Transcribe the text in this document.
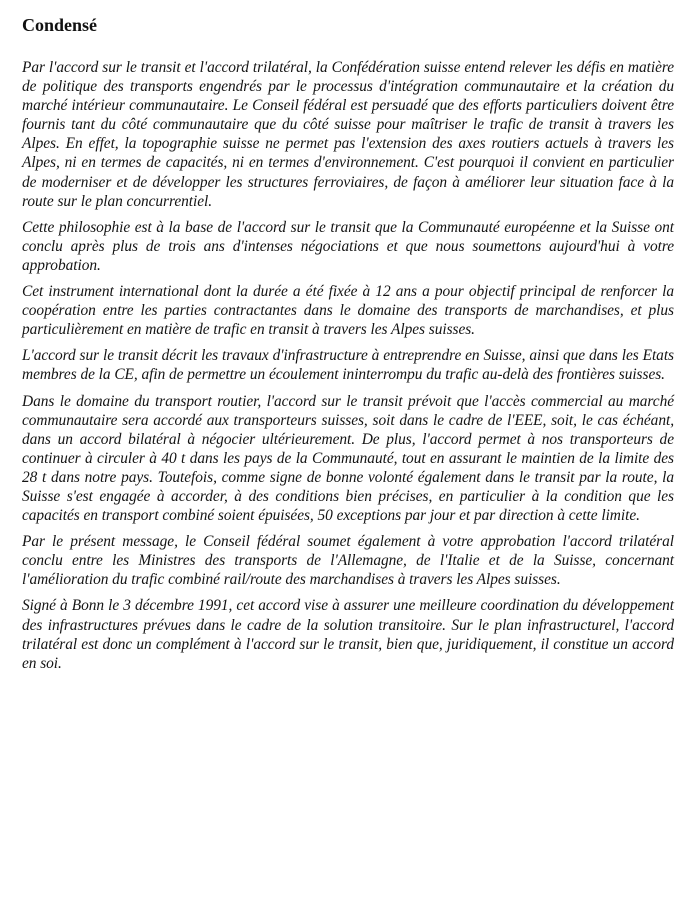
Condensé

Par l'accord sur le transit et l'accord trilatéral, la Confédération suisse entend relever les défis en matière de politique des transports engendrés par le processus d'intégration communautaire et la création du marché intérieur communautaire. Le Conseil fédéral est persuadé que des efforts particuliers doivent être fournis tant du côté communautaire que du côté suisse pour maîtriser le trafic de transit à travers les Alpes. En effet, la topographie suisse ne permet pas l'extension des axes routiers actuels à travers les Alpes, ni en termes de capacités, ni en termes d'environnement. C'est pourquoi il convient en particulier de moderniser et de développer les structures ferroviaires, de façon à améliorer leur situation face à la route sur le plan concurrentiel.

Cette philosophie est à la base de l'accord sur le transit que la Communauté européenne et la Suisse ont conclu après plus de trois ans d'intenses négociations et que nous soumettons aujourd'hui à votre approbation.

Cet instrument international dont la durée a été fixée à 12 ans a pour objectif principal de renforcer la coopération entre les parties contractantes dans le domaine des transports de marchandises, et plus particulièrement en matière de trafic en transit à travers les Alpes suisses.

L'accord sur le transit décrit les travaux d'infrastructure à entreprendre en Suisse, ainsi que dans les Etats membres de la CE, afin de permettre un écoulement ininterrompu du trafic au-delà des frontières suisses.

Dans le domaine du transport routier, l'accord sur le transit prévoit que l'accès commercial au marché communautaire sera accordé aux transporteurs suisses, soit dans le cadre de l'EEE, soit, le cas échéant, dans un accord bilatéral à négocier ultérieurement. De plus, l'accord permet à nos transporteurs de continuer à circuler à 40 t dans les pays de la Communauté, tout en assurant le maintien de la limite des 28 t dans notre pays. Toutefois, comme signe de bonne volonté également dans le transit par la route, la Suisse s'est engagée à accorder, à des conditions bien précises, en particulier à la condition que les capacités en transport combiné soient épuisées, 50 exceptions par jour et par direction à cette limite.

Par le présent message, le Conseil fédéral soumet également à votre approbation l'accord trilatéral conclu entre les Ministres des transports de l'Allemagne, de l'Italie et de la Suisse, concernant l'amélioration du trafic combiné rail/route des marchandises à travers les Alpes suisses.

Signé à Bonn le 3 décembre 1991, cet accord vise à assurer une meilleure coordination du développement des infrastructures prévues dans le cadre de la solution transitoire. Sur le plan infrastructurel, l'accord trilatéral est donc un complément à l'accord sur le transit, bien que, juridiquement, il constitue un accord en soi.
